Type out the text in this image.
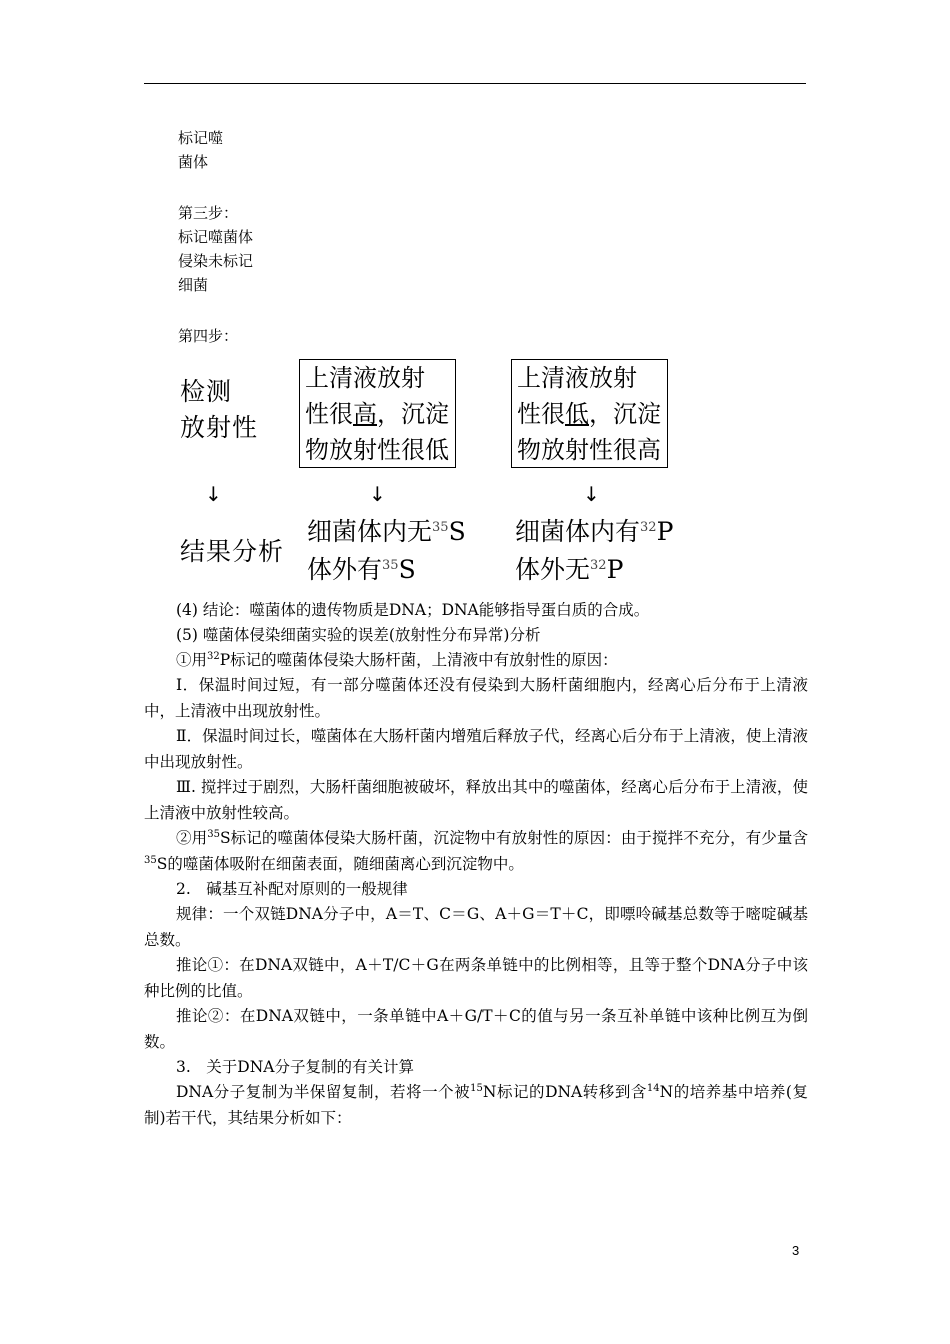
标记噬
菌体
第三步：
标记噬菌体
侵染未标记
细菌
第四步：
检测
放射性
上清液放射
性很高，沉淀
物放射性很低
上清液放射
性很低，沉淀
物放射性很高
↓	↓	↓
结果分析
细菌体内无$^{35}$S
体外有$^{35}$S
细菌体内有$^{32}$P
体外无$^{32}$P
(4) 结论：噬菌体的遗传物质是DNA；DNA能够指导蛋白质的合成。
(5) 噬菌体侵染细菌实验的误差(放射性分布异常)分析
①用$^{32}$P标记的噬菌体侵染大肠杆菌，上清液中有放射性的原因：
Ⅰ．保温时间过短，有一部分噬菌体还没有侵染到大肠杆菌细胞内，经离心后分布于上清液中，上清液中出现放射性。
Ⅱ．保温时间过长，噬菌体在大肠杆菌内增殖后释放子代，经离心后分布于上清液，使上清液中出现放射性。
Ⅲ. 搅拌过于剧烈，大肠杆菌细胞被破坏，释放出其中的噬菌体，经离心后分布于上清液，使上清液中放射性较高。
②用$^{35}$S标记的噬菌体侵染大肠杆菌，沉淀物中有放射性的原因：由于搅拌不充分，有少量含$^{35}$S的噬菌体吸附在细菌表面，随细菌离心到沉淀物中。
2.　碱基互补配对原则的一般规律
规律：一个双链DNA分子中，A＝T、C＝G、A＋G＝T＋C，即嘌呤碱基总数等于嘧啶碱基总数。
推论①：在DNA双链中，A＋T/C＋G在两条单链中的比例相等，且等于整个DNA分子中该种比例的比值。
推论②：在DNA双链中，一条单链中A＋G/T＋C的值与另一条互补单链中该种比例互为倒数。
3.　关于DNA分子复制的有关计算
DNA分子复制为半保留复制，若将一个被$^{15}$N标记的DNA转移到含$^{14}$N的培养基中培养(复制)若干代，其结果分析如下：
3
